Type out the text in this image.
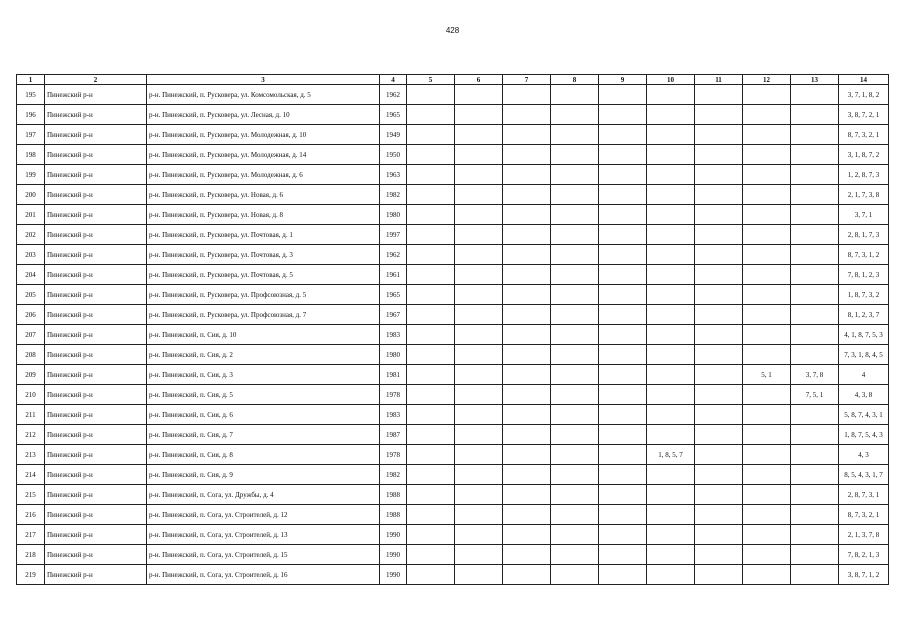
428
1	2	3	4	5	6	7	8	9	10	11	12	13	14
195	Пинежский р-н	р-н. Пинежский, п. Русковера, ул. Комсомольская, д. 5	1962										3, 7, 1, 8, 2
196	Пинежский р-н	р-н. Пинежский, п. Русковера, ул. Лесная, д. 10	1965										3, 8, 7, 2, 1
197	Пинежский р-н	р-н. Пинежский, п. Русковера, ул. Молодежная, д. 10	1949										8, 7, 3, 2, 1
198	Пинежский р-н	р-н. Пинежский, п. Русковера, ул. Молодежная, д. 14	1950										3, 1, 8, 7, 2
199	Пинежский р-н	р-н. Пинежский, п. Русковера, ул. Молодежная, д. 6	1963										1, 2, 8, 7, 3
200	Пинежский р-н	р-н. Пинежский, п. Русковера, ул. Новая, д. 6	1982										2, 1, 7, 3, 8
201	Пинежский р-н	р-н. Пинежский, п. Русковера, ул. Новая, д. 8	1980										3, 7, 1
202	Пинежский р-н	р-н. Пинежский, п. Русковера, ул. Почтовая, д. 1	1997										2, 8, 1, 7, 3
203	Пинежский р-н	р-н. Пинежский, п. Русковера, ул. Почтовая, д. 3	1962										8, 7, 3, 1, 2
204	Пинежский р-н	р-н. Пинежский, п. Русковера, ул. Почтовая, д. 5	1961										7, 8, 1, 2, 3
205	Пинежский р-н	р-н. Пинежский, п. Русковера, ул. Профсоюзная, д. 5	1965										1, 8, 7, 3, 2
206	Пинежский р-н	р-н. Пинежский, п. Русковера, ул. Профсоюзная, д. 7	1967										8, 1, 2, 3, 7
207	Пинежский р-н	р-н. Пинежский, п. Сия, д. 10	1983										4, 1, 8, 7, 5, 3
208	Пинежский р-н	р-н. Пинежский, п. Сия, д. 2	1980										7, 3, 1, 8, 4, 5
209	Пинежский р-н	р-н. Пинежский, п. Сия, д. 3	1981								5, 1	3, 7, 8	4
210	Пинежский р-н	р-н. Пинежский, п. Сия, д. 5	1978									7, 5, 1	4, 3, 8
211	Пинежский р-н	р-н. Пинежский, п. Сия, д. 6	1983										5, 8, 7, 4, 3, 1
212	Пинежский р-н	р-н. Пинежский, п. Сия, д. 7	1987										1, 8, 7, 5, 4, 3
213	Пинежский р-н	р-н. Пинежский, п. Сия, д. 8	1978						1, 8, 5, 7				4, 3
214	Пинежский р-н	р-н. Пинежский, п. Сия, д. 9	1982										8, 5, 4, 3, 1, 7
215	Пинежский р-н	р-н. Пинежский, п. Сога, ул. Дружбы, д. 4	1988										2, 8, 7, 3, 1
216	Пинежский р-н	р-н. Пинежский, п. Сога, ул. Строителей, д. 12	1988										8, 7, 3, 2, 1
217	Пинежский р-н	р-н. Пинежский, п. Сога, ул. Строителей, д. 13	1990										2, 1, 3, 7, 8
218	Пинежский р-н	р-н. Пинежский, п. Сога, ул. Строителей, д. 15	1990										7, 8, 2, 1, 3
219	Пинежский р-н	р-н. Пинежский, п. Сога, ул. Строителей, д. 16	1990										3, 8, 7, 1, 2
